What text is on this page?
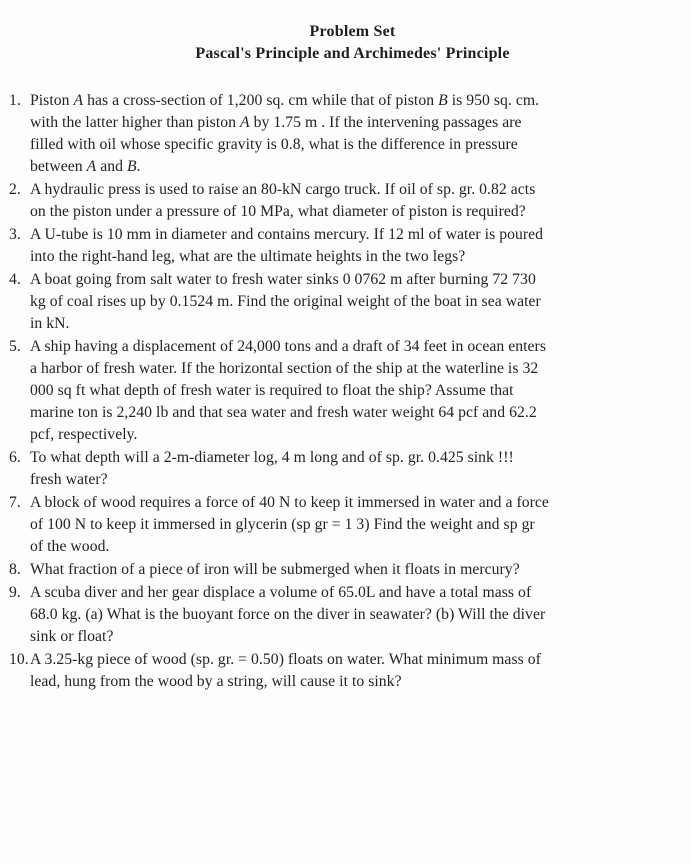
Problem Set
Pascal's Principle and Archimedes' Principle
1. Piston A has a cross-section of 1,200 sq. cm while that of piston B is 950 sq. cm.
with the latter higher than piston A by 1.75 m . If the intervening passages are
filled with oil whose specific gravity is 0.8, what is the difference in pressure
between A and B.
2. A hydraulic press is used to raise an 80-kN cargo truck. If oil of sp. gr. 0.82 acts
on the piston under a pressure of 10 MPa, what diameter of piston is required?
3. A U-tube is 10 mm in diameter and contains mercury. If 12 ml of water is poured
into the right-hand leg, what are the ultimate heights in the two legs?
4. A boat going from salt water to fresh water sinks 0 0762 m after burning 72 730
kg of coal rises up by 0.1524 m. Find the original weight of the boat in sea water
in kN.
5. A ship having a displacement of 24,000 tons and a draft of 34 feet in ocean enters
a harbor of fresh water. If the horizontal section of the ship at the waterline is 32
000 sq ft what depth of fresh water is required to float the ship? Assume that
marine ton is 2,240 lb and that sea water and fresh water weight 64 pcf and 62.2
pcf, respectively.
6. To what depth will a 2-m-diameter log, 4 m long and of sp. gr. 0.425 sink !!!
fresh water?
7. A block of wood requires a force of 40 N to keep it immersed in water and a force
of 100 N to keep it immersed in glycerin (sp gr = 1 3) Find the weight and sp gr
of the wood.
8. What fraction of a piece of iron will be submerged when it floats in mercury?
9. A scuba diver and her gear displace a volume of 65.0L and have a total mass of
68.0 kg. (a) What is the buoyant force on the diver in seawater? (b) Will the diver
sink or float?
10. A 3.25-kg piece of wood (sp. gr. = 0.50) floats on water. What minimum mass of
lead, hung from the wood by a string, will cause it to sink?
